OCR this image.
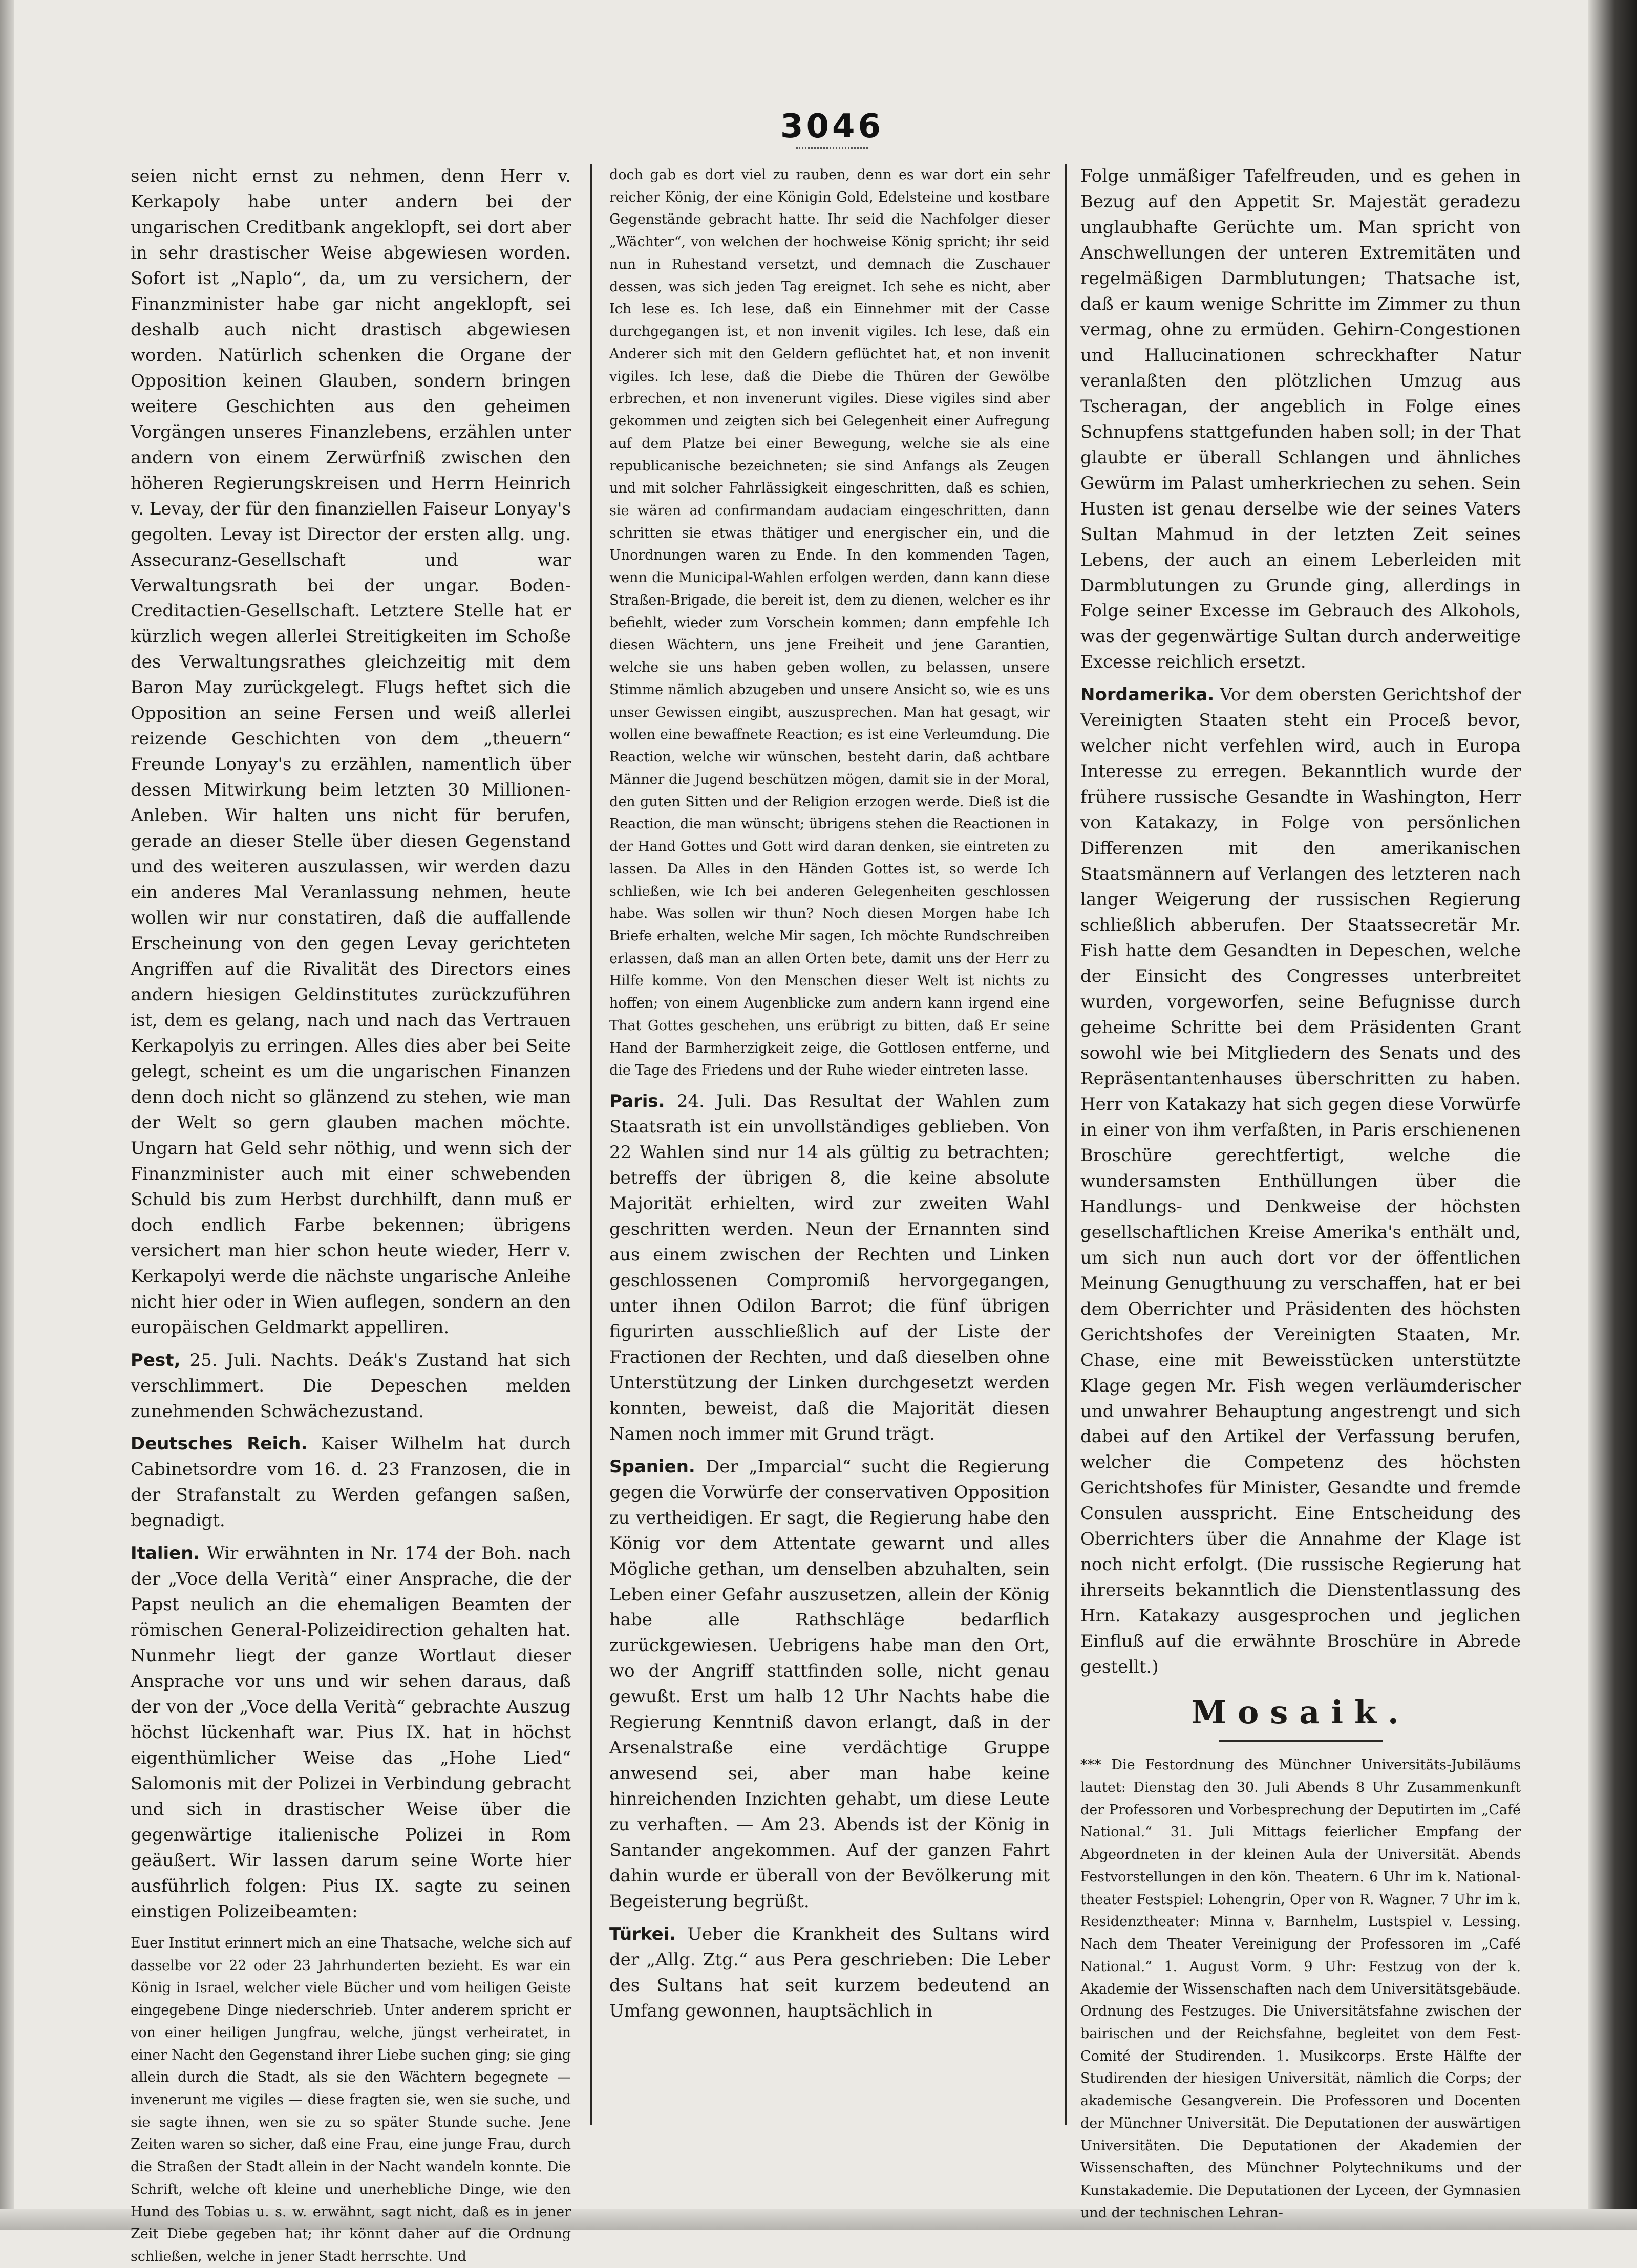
3046

seien nicht ernst zu nehmen, denn Herr v. Kerkapoly habe unter andern bei der ungarischen Creditbank angeklopft, sei dort aber in sehr drastischer Weise abgewiesen worden. Sofort ist „Naplo“, da, um zu versichern, der Finanzminister habe gar nicht angeklopft, sei deshalb auch nicht drastisch abgewiesen worden. Natürlich schenken die Organe der Opposition keinen Glauben, sondern bringen weitere Geschichten aus den geheimen Vorgängen unseres Finanzlebens, erzählen unter andern von einem Zerwürfniß zwischen den höheren Regierungskreisen und Herrn Heinrich v. Levay, der für den finanziellen Faiseur Lonyay's gegolten. Levay ist Director der ersten allg. ung. Assecuranz-Gesellschaft und war Verwaltungsrath bei der ungar. Boden-Creditactien-Gesellschaft. Letztere Stelle hat er kürzlich wegen allerlei Streitigkeiten im Schoße des Verwaltungsrathes gleichzeitig mit dem Baron May zurückgelegt. Flugs heftet sich die Opposition an seine Fersen und weiß allerlei reizende Geschichten von dem „theuern“ Freunde Lonyay's zu erzählen, namentlich über dessen Mitwirkung beim letzten 30 Millionen-Anleben. Wir halten uns nicht für berufen, gerade an dieser Stelle über diesen Gegenstand und des weiteren auszulassen, wir werden dazu ein anderes Mal Veranlassung nehmen, heute wollen wir nur constatiren, daß die auffallende Erscheinung von den gegen Levay gerichteten Angriffen auf die Rivalität des Directors eines andern hiesigen Geldinstitutes zurückzuführen ist, dem es gelang, nach und nach das Vertrauen Kerkapolyis zu erringen. Alles dies aber bei Seite gelegt, scheint es um die ungarischen Finanzen denn doch nicht so glänzend zu stehen, wie man der Welt so gern glauben machen möchte. Ungarn hat Geld sehr nöthig, und wenn sich der Finanzminister auch mit einer schwebenden Schuld bis zum Herbst durchhilft, dann muß er doch endlich Farbe bekennen; übrigens versichert man hier schon heute wieder, Herr v. Kerkapolyi werde die nächste ungarische Anleihe nicht hier oder in Wien auflegen, sondern an den europäischen Geldmarkt appelliren.

Pest, 25. Juli. Nachts. Deák's Zustand hat sich verschlimmert. Die Depeschen melden zunehmenden Schwächezustand.

Deutsches Reich. Kaiser Wilhelm hat durch Cabinetsordre vom 16. d. 23 Franzosen, die in der Strafanstalt zu Werden gefangen saßen, begnadigt.

Italien. Wir erwähnten in Nr. 174 der Boh. nach der „Voce della Verità“ einer Ansprache, die der Papst neulich an die ehemaligen Beamten der römischen General-Polizeidirection gehalten hat. Nunmehr liegt der ganze Wortlaut dieser Ansprache vor uns und wir sehen daraus, daß der von der „Voce della Verità“ gebrachte Auszug höchst lückenhaft war. Pius IX. hat in höchst eigenthümlicher Weise das „Hohe Lied“ Salomonis mit der Polizei in Verbindung gebracht und sich in drastischer Weise über die gegenwärtige italienische Polizei in Rom geäußert. Wir lassen darum seine Worte hier ausführlich folgen: Pius IX. sagte zu seinen einstigen Polizeibeamten:

Euer Institut erinnert mich an eine Thatsache, welche sich auf dasselbe vor 22 oder 23 Jahrhunderten bezieht. Es war ein König in Israel, welcher viele Bücher und vom heiligen Geiste eingegebene Dinge niederschrieb. Unter anderem spricht er von einer heiligen Jungfrau, welche, jüngst verheiratet, in einer Nacht den Gegenstand ihrer Liebe suchen ging; sie ging allein durch die Stadt, als sie den Wächtern begegnete — invenerunt me vigiles — diese fragten sie, wen sie suche, und sie sagte ihnen, wen sie zu so später Stunde suche. Jene Zeiten waren so sicher, daß eine Frau, eine junge Frau, durch die Straßen der Stadt allein in der Nacht wandeln konnte. Die Schrift, welche oft kleine und unerhebliche Dinge, wie den Hund des Tobias u. s. w. erwähnt, sagt nicht, daß es in jener Zeit Diebe gegeben hat; ihr könnt daher auf die Ordnung schließen, welche in jener Stadt herrschte. Und

doch gab es dort viel zu rauben, denn es war dort ein sehr reicher König, der eine Königin Gold, Edelsteine und kostbare Gegenstände gebracht hatte. Ihr seid die Nachfolger dieser „Wächter“, von welchen der hochweise König spricht; ihr seid nun in Ruhestand versetzt, und demnach die Zuschauer dessen, was sich jeden Tag ereignet. Ich sehe es nicht, aber Ich lese es. Ich lese, daß ein Einnehmer mit der Casse durchgegangen ist, et non invenit vigiles. Ich lese, daß ein Anderer sich mit den Geldern geflüchtet hat, et non invenit vigiles. Ich lese, daß die Diebe die Thüren der Gewölbe erbrechen, et non invenerunt vigiles. Diese vigiles sind aber gekommen und zeigten sich bei Gelegenheit einer Aufregung auf dem Platze bei einer Bewegung, welche sie als eine republicanische bezeichneten; sie sind Anfangs als Zeugen und mit solcher Fahrlässigkeit eingeschritten, daß es schien, sie wären ad confirmandam audaciam eingeschritten, dann schritten sie etwas thätiger und energischer ein, und die Unordnungen waren zu Ende. In den kommenden Tagen, wenn die Municipal-Wahlen erfolgen werden, dann kann diese Straßen-Brigade, die bereit ist, dem zu dienen, welcher es ihr befiehlt, wieder zum Vorschein kommen; dann empfehle Ich diesen Wächtern, uns jene Freiheit und jene Garantien, welche sie uns haben geben wollen, zu belassen, unsere Stimme nämlich abzugeben und unsere Ansicht so, wie es uns unser Gewissen eingibt, auszusprechen. Man hat gesagt, wir wollen eine bewaffnete Reaction; es ist eine Verleumdung. Die Reaction, welche wir wünschen, besteht darin, daß achtbare Männer die Jugend beschützen mögen, damit sie in der Moral, den guten Sitten und der Religion erzogen werde. Dieß ist die Reaction, die man wünscht; übrigens stehen die Reactionen in der Hand Gottes und Gott wird daran denken, sie eintreten zu lassen. Da Alles in den Händen Gottes ist, so werde Ich schließen, wie Ich bei anderen Gelegenheiten geschlossen habe. Was sollen wir thun? Noch diesen Morgen habe Ich Briefe erhalten, welche Mir sagen, Ich möchte Rundschreiben erlassen, daß man an allen Orten bete, damit uns der Herr zu Hilfe komme. Von den Menschen dieser Welt ist nichts zu hoffen; von einem Augenblicke zum andern kann irgend eine That Gottes geschehen, uns erübrigt zu bitten, daß Er seine Hand der Barmherzigkeit zeige, die Gottlosen entferne, und die Tage des Friedens und der Ruhe wieder eintreten lasse.

Paris. 24. Juli. Das Resultat der Wahlen zum Staatsrath ist ein unvollständiges geblieben. Von 22 Wahlen sind nur 14 als gültig zu betrachten; betreffs der übrigen 8, die keine absolute Majorität erhielten, wird zur zweiten Wahl geschritten werden. Neun der Ernannten sind aus einem zwischen der Rechten und Linken geschlossenen Compromiß hervorgegangen, unter ihnen Odilon Barrot; die fünf übrigen figurirten ausschließlich auf der Liste der Fractionen der Rechten, und daß dieselben ohne Unterstützung der Linken durchgesetzt werden konnten, beweist, daß die Majorität diesen Namen noch immer mit Grund trägt.

Spanien. Der „Imparcial“ sucht die Regierung gegen die Vorwürfe der conservativen Opposition zu vertheidigen. Er sagt, die Regierung habe den König vor dem Attentate gewarnt und alles Mögliche gethan, um denselben abzuhalten, sein Leben einer Gefahr auszusetzen, allein der König habe alle Rathschläge bedarflich zurückgewiesen. Uebrigens habe man den Ort, wo der Angriff stattfinden solle, nicht genau gewußt. Erst um halb 12 Uhr Nachts habe die Regierung Kenntniß davon erlangt, daß in der Arsenalstraße eine verdächtige Gruppe anwesend sei, aber man habe keine hinreichenden Inzichten gehabt, um diese Leute zu verhaften. — Am 23. Abends ist der König in Santander angekommen. Auf der ganzen Fahrt dahin wurde er überall von der Bevölkerung mit Begeisterung begrüßt.

Türkei. Ueber die Krankheit des Sultans wird der „Allg. Ztg.“ aus Pera geschrieben: Die Leber des Sultans hat seit kurzem bedeutend an Umfang gewonnen, hauptsächlich in

Folge unmäßiger Tafelfreuden, und es gehen in Bezug auf den Appetit Sr. Majestät geradezu unglaubhafte Gerüchte um. Man spricht von Anschwellungen der unteren Extremitäten und regelmäßigen Darmblutungen; Thatsache ist, daß er kaum wenige Schritte im Zimmer zu thun vermag, ohne zu ermüden. Gehirn-Congestionen und Hallucinationen schreckhafter Natur veranlaßten den plötzlichen Umzug aus Tscheragan, der angeblich in Folge eines Schnupfens stattgefunden haben soll; in der That glaubte er überall Schlangen und ähnliches Gewürm im Palast umherkriechen zu sehen. Sein Husten ist genau derselbe wie der seines Vaters Sultan Mahmud in der letzten Zeit seines Lebens, der auch an einem Leberleiden mit Darmblutungen zu Grunde ging, allerdings in Folge seiner Excesse im Gebrauch des Alkohols, was der gegenwärtige Sultan durch anderweitige Excesse reichlich ersetzt.

Nordamerika. Vor dem obersten Gerichtshof der Vereinigten Staaten steht ein Proceß bevor, welcher nicht verfehlen wird, auch in Europa Interesse zu erregen. Bekanntlich wurde der frühere russische Gesandte in Washington, Herr von Katakazy, in Folge von persönlichen Differenzen mit den amerikanischen Staatsmännern auf Verlangen des letzteren nach langer Weigerung der russischen Regierung schließlich abberufen. Der Staatssecretär Mr. Fish hatte dem Gesandten in Depeschen, welche der Einsicht des Congresses unterbreitet wurden, vorgeworfen, seine Befugnisse durch geheime Schritte bei dem Präsidenten Grant sowohl wie bei Mitgliedern des Senats und des Repräsentantenhauses überschritten zu haben. Herr von Katakazy hat sich gegen diese Vorwürfe in einer von ihm verfaßten, in Paris erschienenen Broschüre gerechtfertigt, welche die wundersamsten Enthüllungen über die Handlungs- und Denkweise der höchsten gesellschaftlichen Kreise Amerika's enthält und, um sich nun auch dort vor der öffentlichen Meinung Genugthuung zu verschaffen, hat er bei dem Oberrichter und Präsidenten des höchsten Gerichtshofes der Vereinigten Staaten, Mr. Chase, eine mit Beweisstücken unterstützte Klage gegen Mr. Fish wegen verläumderischer und unwahrer Behauptung angestrengt und sich dabei auf den Artikel der Verfassung berufen, welcher die Competenz des höchsten Gerichtshofes für Minister, Gesandte und fremde Consulen ausspricht. Eine Entscheidung des Oberrichters über die Annahme der Klage ist noch nicht erfolgt. (Die russische Regierung hat ihrerseits bekanntlich die Dienstentlassung des Hrn. Katakazy ausgesprochen und jeglichen Einfluß auf die erwähnte Broschüre in Abrede gestellt.)

Mosaik.

*** Die Festordnung des Münchner Universitäts-Jubiläums lautet: Dienstag den 30. Juli Abends 8 Uhr Zusammenkunft der Professoren und Vorbesprechung der Deputirten im „Café National.“ 31. Juli Mittags feierlicher Empfang der Abgeordneten in der kleinen Aula der Universität. Abends Festvorstellungen in den kön. Theatern. 6 Uhr im k. National-theater Festspiel: Lohengrin, Oper von R. Wagner. 7 Uhr im k. Residenztheater: Minna v. Barnhelm, Lustspiel v. Lessing. Nach dem Theater Vereinigung der Professoren im „Café National.“ 1. August Vorm. 9 Uhr: Festzug von der k. Akademie der Wissenschaften nach dem Universitätsgebäude. Ordnung des Festzuges. Die Universitätsfahne zwischen der bairischen und der Reichsfahne, begleitet von dem Fest-Comité der Studirenden. 1. Musikcorps. Erste Hälfte der Studirenden der hiesigen Universität, nämlich die Corps; der akademische Gesangverein. Die Professoren und Docenten der Münchner Universität. Die Deputationen der auswärtigen Universitäten. Die Deputationen der Akademien der Wissenschaften, des Münchner Polytechnikums und der Kunstakademie. Die Deputationen der Lyceen, der Gymnasien und der technischen Lehran-
